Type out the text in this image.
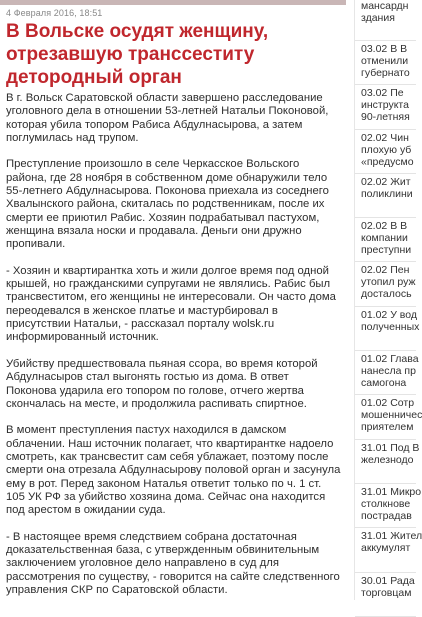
4 Февраля 2016, 18:51
В Вольске осудят женщину, отрезавшую транссеститу детородный орган

В г. Вольск Саратовской области завершено расследование уголовного дела в отношении 53-летней Натальи Поконовой, которая убила топором Рабиса Абдулнасырова, а затем поглумилась над трупом.

Преступление произошло в селе Черкасское Вольского района, где 28 ноября в собственном доме обнаружили тело 55-летнего Абдулнасырова. Поконова приехала из соседнего Хвалынского района, скиталась по родственникам, после их смерти ее приютил Рабис. Хозяин подрабатывал пастухом, женщина вязала носки и продавала. Деньги они дружно пропивали.

- Хозяин и квартирантка хоть и жили долгое время под одной крышей, но гражданскими супругами не являлись. Рабис был трансвеститом, его женщины не интересовали. Он часто дома переодевался в женское платье и мастурбировал в присутствии Натальи, - рассказал порталу wolsk.ru информированный источник.

Убийству предшествовала пьяная ссора, во время которой Абдулнасыров стал выгонять гостью из дома. В ответ Поконова ударила его топором по голове, отчего жертва скончалась на месте, и продолжила распивать спиртное.

В момент преступления пастух находился в дамском облачении. Наш источник полагает, что квартирантке надоело смотреть, как трансвестит сам себя ублажает, поэтому после смерти она отрезала Абдулнасырову половой орган и засунула ему в рот. Перед законом Наталья ответит только по ч. 1 ст. 105 УК РФ за убийство хозяина дома. Сейчас она находится под арестом в ожидании суда.

- В настоящее время следствием собрана достаточная доказательственная база, с утвержденным обвинительным заключением уголовное дело направлено в суд для рассмотрения по существу, - говорится на сайте следственного управления СКР по Саратовской области.

мансардн
здания
03.02 В В
отменили
губернато
03.02 Пе
инструкта
90-летняя
02.02 Чин
плохую уб
«предусмо
02.02 Жит
поликлини
02.02 В В
компании
преступни
02.02 Пен
утопил руж
досталось
01.02 У вод
полученных
01.02 Глава
нанесла пр
самогона
01.02 Сотр
мошенничес
приятелем
31.01 Под В
железнодо
31.01 Микро
столкнове
пострадав
31.01 Жител
аккумулят
30.01 Рада
торговцам
